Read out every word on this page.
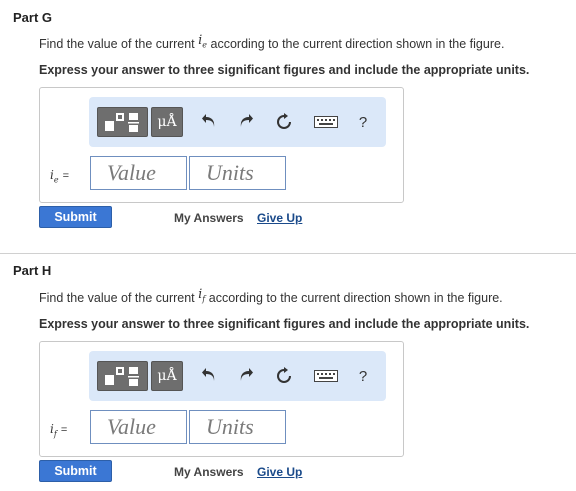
Part G
Find the value of the current $i_e$ according to the current direction shown in the figure.
Express your answer to three significant figures and include the appropriate units.
μÅ	?
$i_e$ =	Value	Units
Submit	My Answers Give Up
Part H
Find the value of the current $i_f$ according to the current direction shown in the figure.
Express your answer to three significant figures and include the appropriate units.
μÅ	?
$i_f$ =	Value	Units
Submit	My Answers Give Up
